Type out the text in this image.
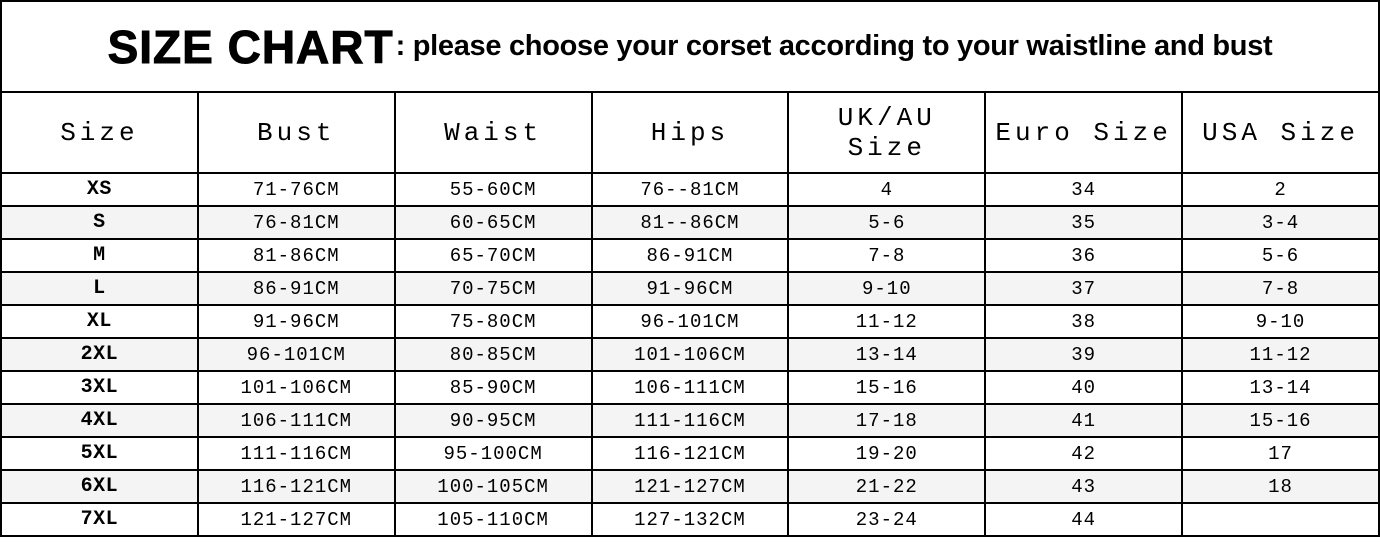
SIZE CHART : please choose your corset according to your waistline and bust
Size	Bust	Waist	Hips	UK/AU Size	Euro Size	USA Size
XS	71-76CM	55-60CM	76--81CM	4	34	2
S	76-81CM	60-65CM	81--86CM	5-6	35	3-4
M	81-86CM	65-70CM	86-91CM	7-8	36	5-6
L	86-91CM	70-75CM	91-96CM	9-10	37	7-8
XL	91-96CM	75-80CM	96-101CM	11-12	38	9-10
2XL	96-101CM	80-85CM	101-106CM	13-14	39	11-12
3XL	101-106CM	85-90CM	106-111CM	15-16	40	13-14
4XL	106-111CM	90-95CM	111-116CM	17-18	41	15-16
5XL	111-116CM	95-100CM	116-121CM	19-20	42	17
6XL	116-121CM	100-105CM	121-127CM	21-22	43	18
7XL	121-127CM	105-110CM	127-132CM	23-24	44	
